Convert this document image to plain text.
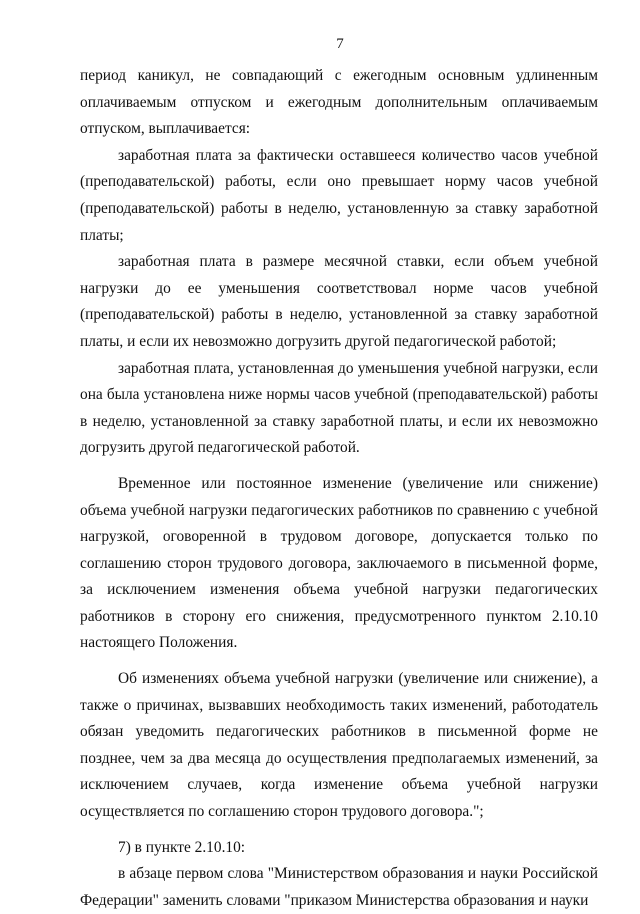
7

период каникул, не совпадающий с ежегодным основным удлиненным оплачиваемым отпуском и ежегодным дополнительным оплачиваемым отпуском, выплачивается:

заработная плата за фактически оставшееся количество часов учебной (преподавательской) работы, если оно превышает норму часов учебной (преподавательской) работы в неделю, установленную за ставку заработной платы;

заработная плата в размере месячной ставки, если объем учебной нагрузки до ее уменьшения соответствовал норме часов учебной (преподавательской) работы в неделю, установленной за ставку заработной платы, и если их невозможно догрузить другой педагогической работой;

заработная плата, установленная до уменьшения учебной нагрузки, если она была установлена ниже нормы часов учебной (преподавательской) работы в неделю, установленной за ставку заработной платы, и если их невозможно догрузить другой педагогической работой.

Временное или постоянное изменение (увеличение или снижение) объема учебной нагрузки педагогических работников по сравнению с учебной нагрузкой, оговоренной в трудовом договоре, допускается только по соглашению сторон трудового договора, заключаемого в письменной форме, за исключением изменения объема учебной нагрузки педагогических работников в сторону его снижения, предусмотренного пунктом 2.10.10 настоящего Положения.

Об изменениях объема учебной нагрузки (увеличение или снижение), а также о причинах, вызвавших необходимость таких изменений, работодатель обязан уведомить педагогических работников в письменной форме не позднее, чем за два месяца до осуществления предполагаемых изменений, за исключением случаев, когда изменение объема учебной нагрузки осуществляется по соглашению сторон трудового договора.";

7) в пункте 2.10.10:

в абзаце первом слова "Министерством образования и науки Российской Федерации" заменить словами "приказом Министерства образования и науки
